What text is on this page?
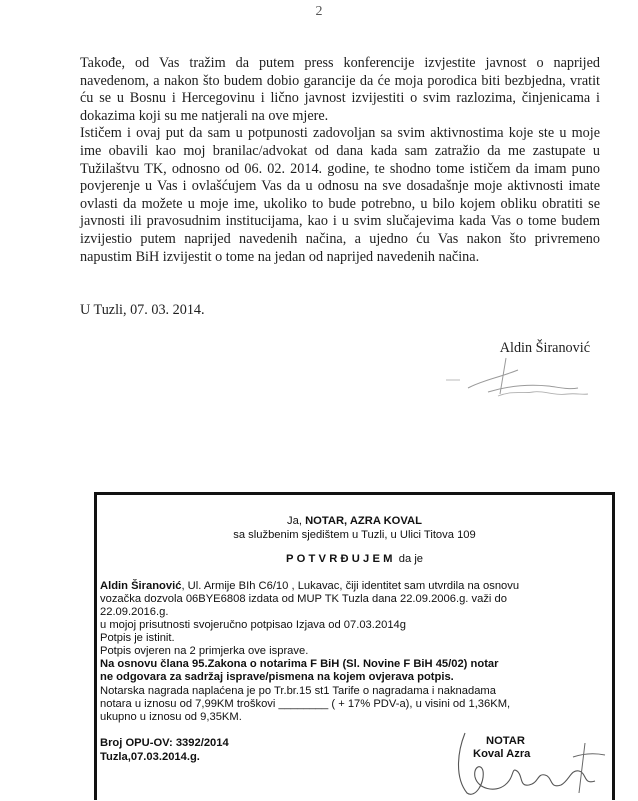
2

Takođe, od Vas tražim da putem press konferencije izvjestite javnost o naprijed navedenom, a nakon što budem dobio garancije da će moja porodica biti bezbjedna, vratit ću se u Bosnu i Hercegovinu i lično javnost izvijestiti o svim razlozima, činjenicama i dokazima koji su me natjerali na ove mjere.

Ističem i ovaj put da sam u potpunosti zadovoljan sa svim aktivnostima koje ste u moje ime obavili kao moj branilac/advokat od dana kada sam zatražio da me zastupate u Tužilaštvu TK, odnosno od 06. 02. 2014. godine, te shodno tome ističem da imam puno povjerenje u Vas i ovlašćujem Vas da u odnosu na sve dosadašnje moje aktivnosti imate ovlasti da možete u moje ime, ukoliko to bude potrebno, u bilo kojem obliku obratiti se javnosti ili pravosudnim institucijama, kao i u svim slučajevima kada Vas o tome budem izvijestio putem naprijed navedenih načina, a ujedno ću Vas nakon što privremeno napustim BiH izvijestit o tome na jedan od naprijed navedenih načina.

U Tuzli, 07. 03. 2014.
Aldin Širanović
Ja, NOTAR, AZRA KOVAL
sa službenim sjedištem u Tuzli, u Ulici Titova 109
POTVRĐUJEM da je
Aldin Širanović, Ul. Armije BIh C6/10 , Lukavac, čiji identitet sam utvrdila na osnovu
vozačka dozvola 06BYE6808 izdata od MUP TK Tuzla dana 22.09.2006.g. važi do
22.09.2016.g.
u mojoj prisutnosti svojeručno potpisao Izjava od 07.03.2014g
Potpis je istinit.
Potpis ovjeren na 2 primjerka ove isprave.
Na osnovu člana 95.Zakona o notarima F BiH (Sl. Novine F BiH 45/02) notar
ne odgovara za sadržaj isprave/pismena na kojem ovjerava potpis.
Notarska nagrada naplaćena je po Tr.br.15 st1 Tarife o nagradama i naknadama
notara u iznosu od 7,99KM troškovi ________ ( + 17% PDV-a), u visini od 1,36KM,
ukupno u iznosu od 9,35KM.
Broj OPU-OV: 3392/2014
Tuzla,07.03.2014.g.
NOTAR
Koval Azra
